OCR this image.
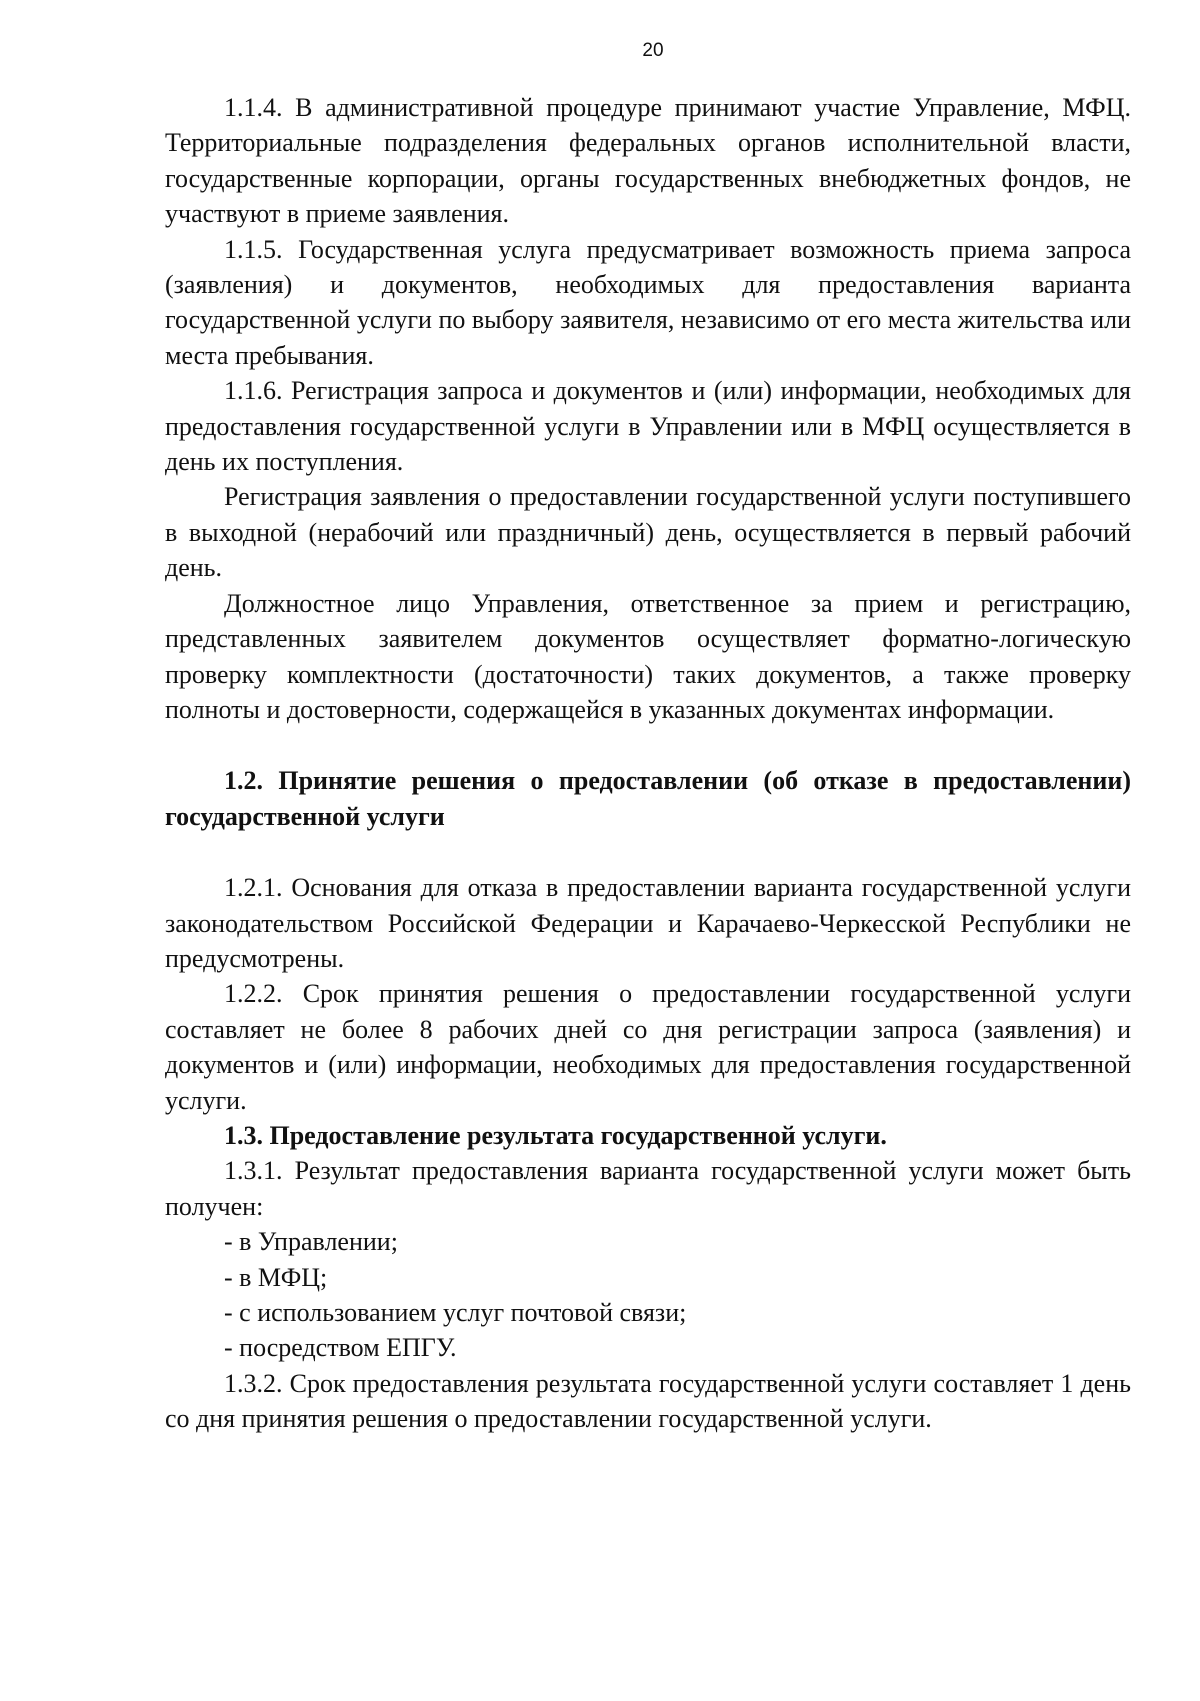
20

1.1.4. В административной процедуре принимают участие Управление, МФЦ. Территориальные подразделения федеральных органов исполнительной власти, государственные корпорации, органы государственных внебюджетных фондов, не участвуют в приеме заявления.

1.1.5. Государственная услуга предусматривает возможность приема запроса (заявления) и документов, необходимых для предоставления варианта государственной услуги по выбору заявителя, независимо от его места жительства или места пребывания.

1.1.6. Регистрация запроса и документов и (или) информации, необходимых для предоставления государственной услуги в Управлении или в МФЦ осуществляется в день их поступления.

Регистрация заявления о предоставлении государственной услуги поступившего в выходной (нерабочий или праздничный) день, осуществляется в первый рабочий день.

Должностное лицо Управления, ответственное за прием и регистрацию, представленных заявителем документов осуществляет форматно-логическую проверку комплектности (достаточности) таких документов, а также проверку полноты и достоверности, содержащейся в указанных документах информации.

1.2. Принятие решения о предоставлении (об отказе в предоставлении) государственной услуги

1.2.1. Основания для отказа в предоставлении варианта государственной услуги законодательством Российской Федерации и Карачаево-Черкесской Республики не предусмотрены.

1.2.2. Срок принятия решения о предоставлении государственной услуги составляет не более 8 рабочих дней со дня регистрации запроса (заявления) и документов и (или) информации, необходимых для предоставления государственной услуги.

1.3. Предоставление результата государственной услуги.

1.3.1. Результат предоставления варианта государственной услуги может быть получен:

- в Управлении;

- в МФЦ;

- с использованием услуг почтовой связи;

- посредством ЕПГУ.

1.3.2. Срок предоставления результата государственной услуги составляет 1 день со дня принятия решения о предоставлении государственной услуги.
